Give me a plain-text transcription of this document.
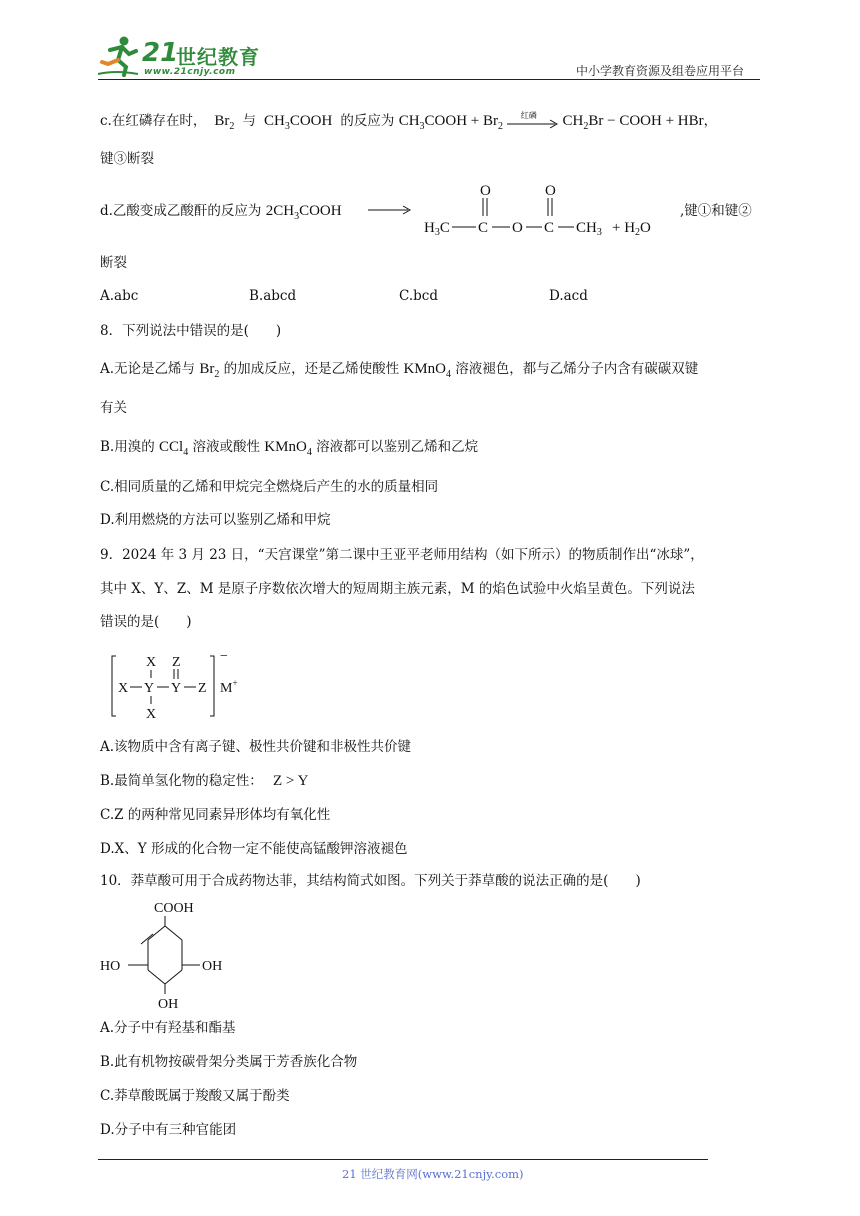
21
世纪教育
www.21cnjy.com	中小学教育资源及组卷应用平台
c.在红磷存在时，  $Br_2$ 与  $CH_3COOH$  的反应为 $CH_3COOH + Br_2$
红磷 $CH_2Br$ − COOH + HBr，
键③断裂
d.乙酸变成乙酸酐的反应为 $2CH_3COOH$
O	O
$H_3C$ C O C $CH_3 + H_2O$
,键①和键②
断裂
A.abc	B.abcd	C.bcd	D.acd
8．下列说法中错误的是(　　)
A.无论是乙烯与 $Br_2$ 的加成反应，还是乙烯使酸性 KMnO$_4$ 溶液褪色，都与乙烯分子内含有碳碳双键
有关
B.用溴的 CCl$_4$ 溶液或酸性 KMnO$_4$ 溶液都可以鉴别乙烯和乙烷
C.相同质量的乙烯和甲烷完全燃烧后产生的水的质量相同
D.利用燃烧的方法可以鉴别乙烯和甲烷
9．2024 年 3 月 23 日，“天宫课堂”第二课中王亚平老师用结构（如下所示）的物质制作出“冰球”，
其中 X、Y、Z、M 是原子序数依次增大的短周期主族元素，M 的焰色试验中火焰呈黄色。下列说法
错误的是(　　)
−
X Z
X Y Y Z
X
M+
A.该物质中含有离子键、极性共价键和非极性共价键
B.最简单氢化物的稳定性： Z > Y
C.Z 的两种常见同素异形体均有氧化性
D.X、Y 形成的化合物一定不能使高锰酸钾溶液褪色
10．莽草酸可用于合成药物达菲，其结构简式如图。下列关于莽草酸的说法正确的是(　　)
COOH
HO	OH
OH
A.分子中有羟基和酯基
B.此有机物按碳骨架分类属于芳香族化合物
C.莽草酸既属于羧酸又属于酚类
D.分子中有三种官能团
21 世纪教育网(www.21cnjy.com)
